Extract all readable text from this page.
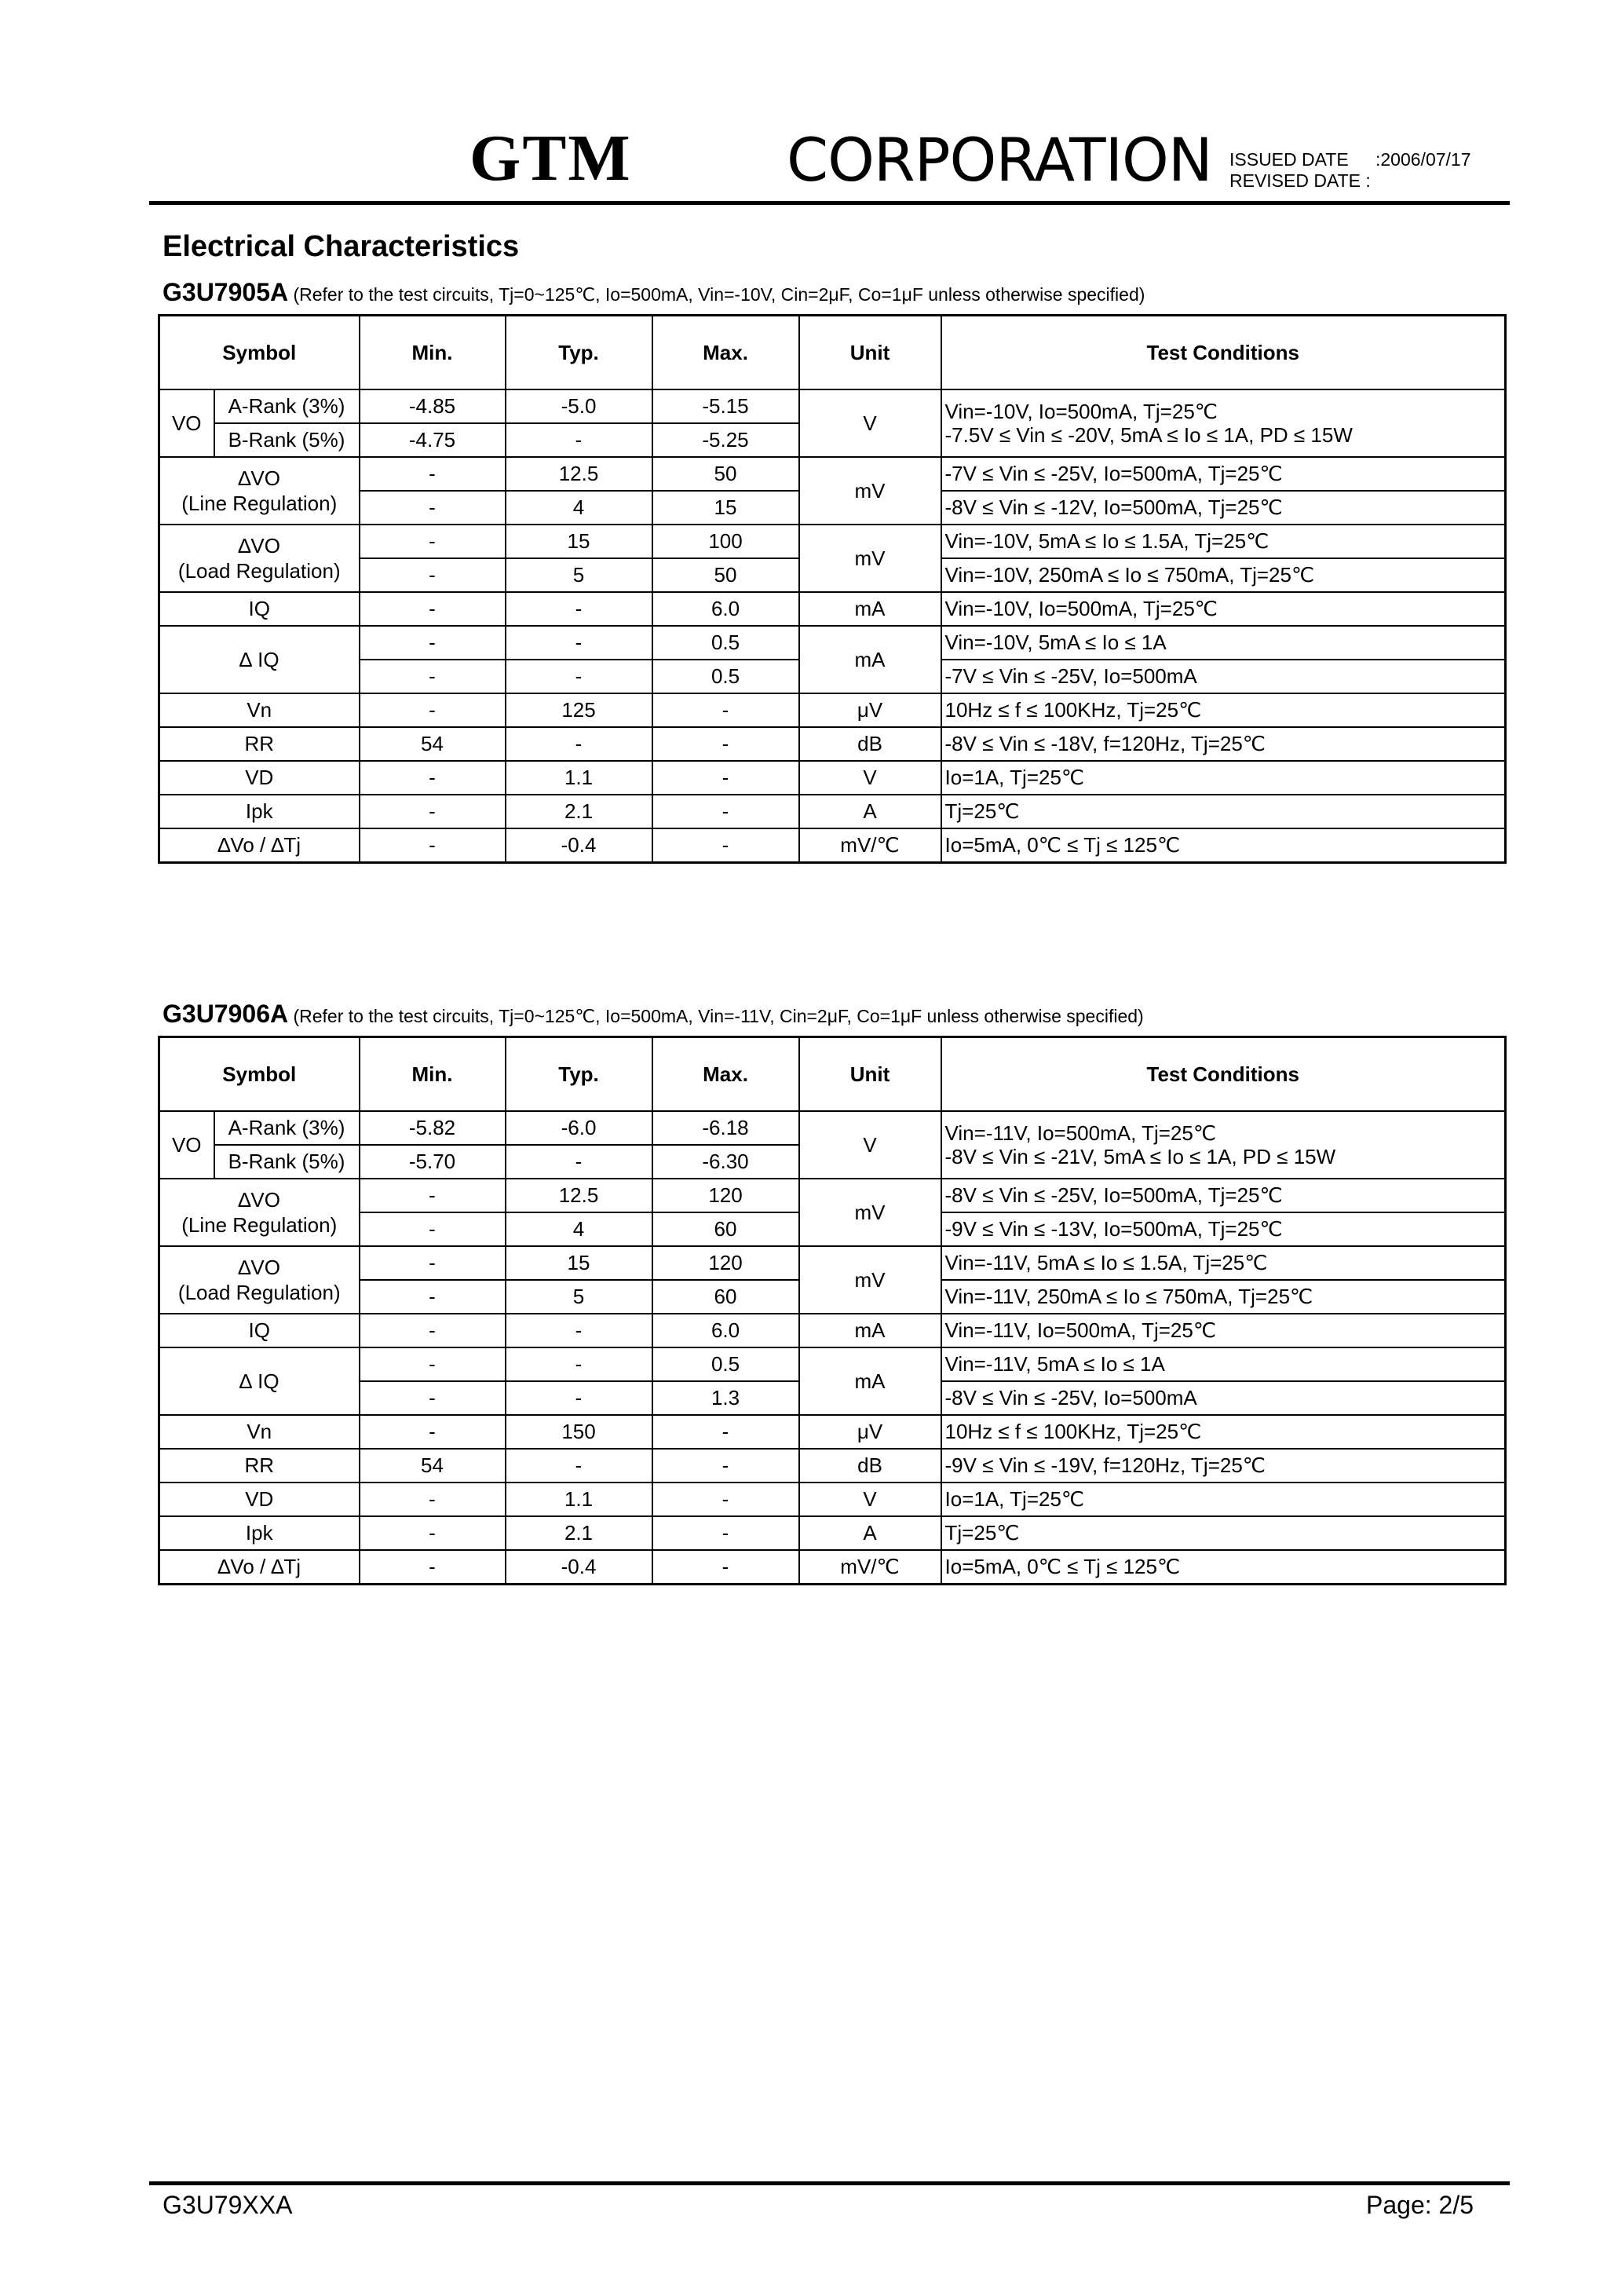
GTM	CORPORATION ISSUED DATE	:2006/07/17
REVISED DATE :
Electrical Characteristics
G3U7905A (Refer to the test circuits, Tj=0~125℃, Io=500mA, Vin=-10V, Cin=2μF, Co=1μF unless otherwise specified)
Symbol		Min.	Typ.	Max.	Unit	Test Conditions
VO	A-Rank (3%)	-4.85	-5.0	-5.15	V	Vin=-10V, Io=500mA, Tj=25℃
-7.5V ≤ Vin ≤ -20V, 5mA ≤ Io ≤ 1A, PD ≤ 15W
	B-Rank (5%)	-4.75	-	-5.25		
∆VO
(Line Regulation)		-	12.5	50	mV	-7V ≤ Vin ≤ -25V, Io=500mA, Tj=25℃
		-	4	15		-8V ≤ Vin ≤ -12V, Io=500mA, Tj=25℃
∆VO
(Load Regulation)		-	15	100	mV	Vin=-10V, 5mA ≤ Io ≤ 1.5A, Tj=25℃
		-	5	50		Vin=-10V, 250mA ≤ Io ≤ 750mA, Tj=25℃
IQ		-	-	6.0	mA	Vin=-10V, Io=500mA, Tj=25℃
∆ IQ		-	-	0.5	mA	Vin=-10V, 5mA ≤ Io ≤ 1A
		-	-	0.5		-7V ≤ Vin ≤ -25V, Io=500mA
Vn		-	125	-	μV	10Hz ≤ f ≤ 100KHz, Tj=25℃
RR		54	-	-	dB	-8V ≤ Vin ≤ -18V, f=120Hz, Tj=25℃
VD		-	1.1	-	V	Io=1A, Tj=25℃
Ipk		-	2.1	-	A	Tj=25℃
∆Vo / ∆Tj		-	-0.4	-	mV/℃	Io=5mA, 0℃ ≤ Tj ≤ 125℃
G3U7906A (Refer to the test circuits, Tj=0~125℃, Io=500mA, Vin=-11V, Cin=2μF, Co=1μF unless otherwise specified)
Symbol		Min.	Typ.	Max.	Unit	Test Conditions
VO	A-Rank (3%)	-5.82	-6.0	-6.18	V	Vin=-11V, Io=500mA, Tj=25℃
-8V ≤ Vin ≤ -21V, 5mA ≤ Io ≤ 1A, PD ≤ 15W
	B-Rank (5%)	-5.70	-	-6.30		
∆VO
(Line Regulation)		-	12.5	120	mV	-8V ≤ Vin ≤ -25V, Io=500mA, Tj=25℃
		-	4	60		-9V ≤ Vin ≤ -13V, Io=500mA, Tj=25℃
∆VO
(Load Regulation)		-	15	120	mV	Vin=-11V, 5mA ≤ Io ≤ 1.5A, Tj=25℃
		-	5	60		Vin=-11V, 250mA ≤ Io ≤ 750mA, Tj=25℃
IQ		-	-	6.0	mA	Vin=-11V, Io=500mA, Tj=25℃
∆ IQ		-	-	0.5	mA	Vin=-11V, 5mA ≤ Io ≤ 1A
		-	-	1.3		-8V ≤ Vin ≤ -25V, Io=500mA
Vn		-	150	-	μV	10Hz ≤ f ≤ 100KHz, Tj=25℃
RR		54	-	-	dB	-9V ≤ Vin ≤ -19V, f=120Hz, Tj=25℃
VD		-	1.1	-	V	Io=1A, Tj=25℃
Ipk		-	2.1	-	A	Tj=25℃
∆Vo / ∆Tj		-	-0.4	-	mV/℃	Io=5mA, 0℃ ≤ Tj ≤ 125℃
G3U79XXA	Page: 2/5
